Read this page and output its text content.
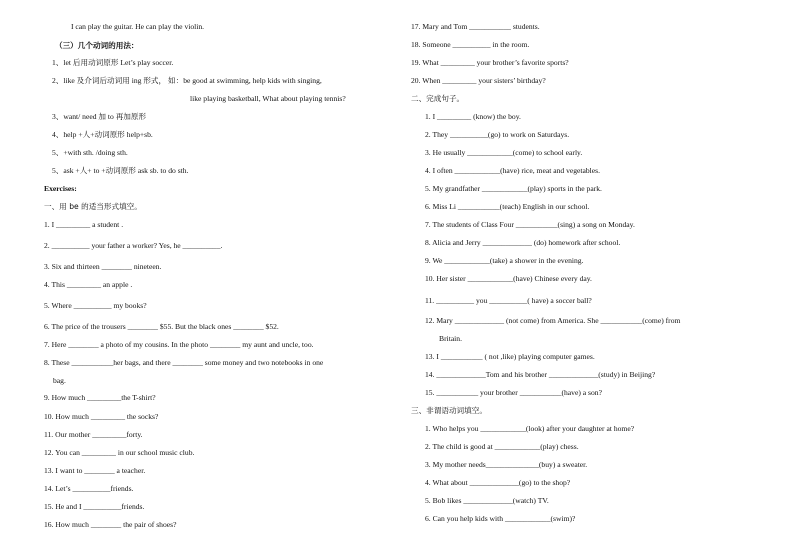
I can play the guitar. He can play the violin.
（三）几个动词的用法：
1、let 后用动词原形 Let’s play soccer.
2、like 及介词后动词用 ing 形式， 如：be good at swimming, help kids with singing,
like playing basketball, What about playing tennis?
3、want/ need 加 to 再加原形
4、help +人+动词原形 help+sb.
5、+with sth. /doing sth.
5、ask +人+ to +动词原形 ask sb. to do sth.
Exercises:
一、用 be 的适当形式填空。
1. I _________ a student .
2. __________ your father a worker? Yes, he __________.
3. Six and thirteen ________ nineteen.
4. This _________ an apple .
5. Where __________ my books?
6. The price of the trousers ________ $55. But the black ones ________ $52.
7. Here ________ a photo of my cousins. In the photo ________ my aunt and uncle, too.
8. These ___________her bags, and there ________ some money and two notebooks in one
bag.
9. How much _________the T-shirt?
10. How much _________ the socks?
11. Our mother _________forty.
12. You can _________ in our school music club.
13. I want to ________ a teacher.
14. Let’s __________friends.
15. He and I __________friends.
16. How much ________ the pair of shoes?
17. Mary and Tom ___________ students.
18. Someone __________ in the room.
19. What _________ your brother’s favorite sports?
20. When _________ your sisters’ birthday?
二、完成句子。
1. I _________ (know) the boy.
2. They __________(go) to work on Saturdays.
3. He usually ____________(come) to school early.
4. I often ____________(have) rice, meat and vegetables.
5. My grandfather ____________(play) sports in the park.
6. Miss Li ___________(teach) English in our school.
7. The students of Class Four ___________(sing) a song on Monday.
8. Alicia and Jerry _____________ (do) homework after school.
9. We ____________(take) a shower in the evening.
10. Her sister ____________(have) Chinese every day.
11. __________ you __________( have) a soccer ball?
12. Mary _____________ (not come) from America. She ___________(come) from
Britain.
13. I ___________ ( not ,like) playing computer games.
14. _____________Tom and his brother _____________(study) in Beijing?
15. ___________ your brother ___________(have) a son?
三、非谓语动词填空。
1. Who helps you ____________(look) after your daughter at home?
2. The child is good at ____________(play) chess.
3. My mother needs______________(buy) a sweater.
4. What about _____________(go) to the shop?
5. Bob likes _____________(watch) TV.
6. Can you help kids with ____________(swim)?
